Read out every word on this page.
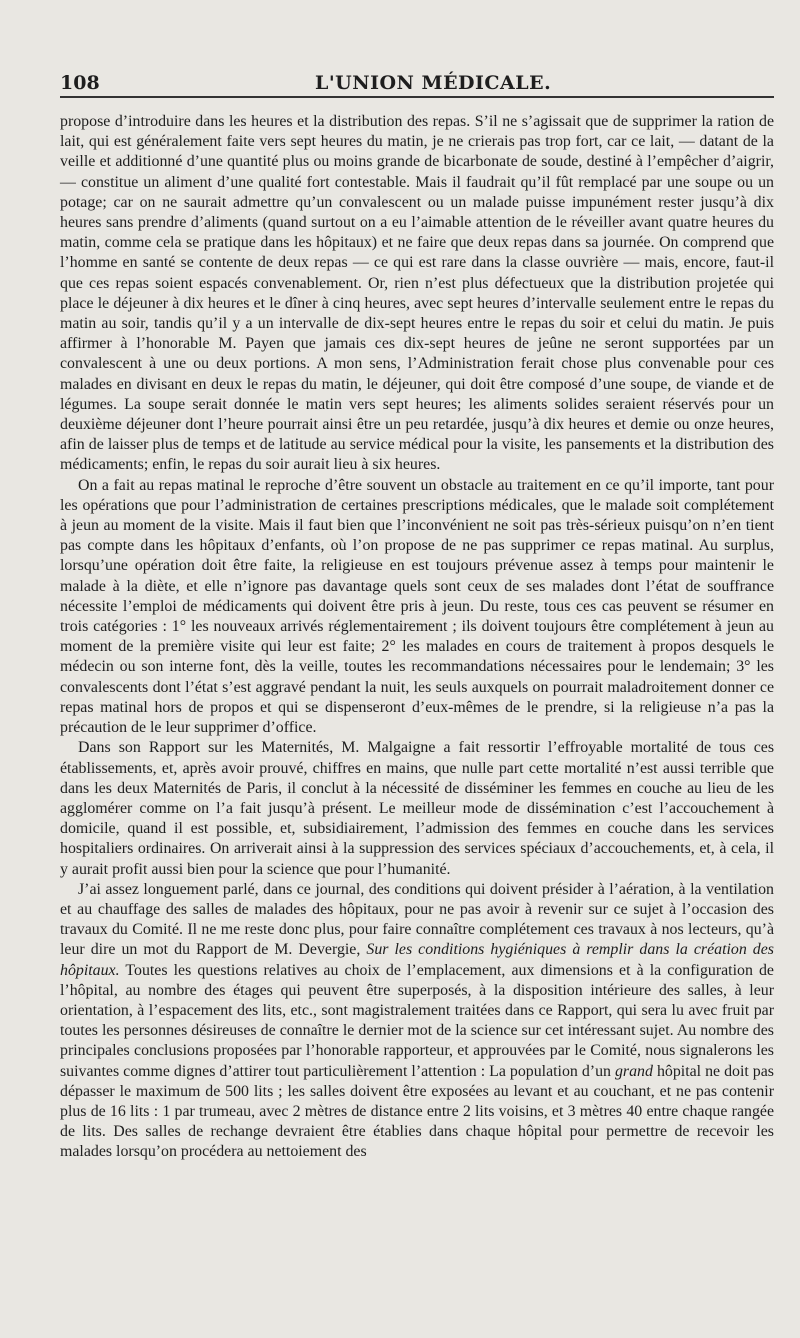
108	L'UNION MÉDICALE.

propose d’introduire dans les heures et la distribution des repas. S’il ne s’agissait que de supprimer la ration de lait, qui est généralement faite vers sept heures du matin, je ne crierais pas trop fort, car ce lait, — datant de la veille et additionné d’une quantité plus ou moins grande de bicarbonate de soude, destiné à l’empêcher d’aigrir, — constitue un aliment d’une qualité fort contestable. Mais il faudrait qu’il fût remplacé par une soupe ou un potage; car on ne saurait admettre qu’un convalescent ou un malade puisse impunément rester jusqu’à dix heures sans prendre d’aliments (quand surtout on a eu l’aimable attention de le réveiller avant quatre heures du matin, comme cela se pratique dans les hôpitaux) et ne faire que deux repas dans sa journée. On comprend que l’homme en santé se contente de deux repas — ce qui est rare dans la classe ouvrière — mais, encore, faut-il que ces repas soient espacés convenablement. Or, rien n’est plus défectueux que la distribution projetée qui place le déjeuner à dix heures et le dîner à cinq heures, avec sept heures d’intervalle seulement entre le repas du matin au soir, tandis qu’il y a un intervalle de dix-sept heures entre le repas du soir et celui du matin. Je puis affirmer à l’honorable M. Payen que jamais ces dix-sept heures de jeûne ne seront supportées par un convalescent à une ou deux portions. A mon sens, l’Administration ferait chose plus convenable pour ces malades en divisant en deux le repas du matin, le déjeuner, qui doit être composé d’une soupe, de viande et de légumes. La soupe serait donnée le matin vers sept heures; les aliments solides seraient réservés pour un deuxième déjeuner dont l’heure pourrait ainsi être un peu retardée, jusqu’à dix heures et demie ou onze heures, afin de laisser plus de temps et de latitude au service médical pour la visite, les pansements et la distribution des médicaments; enfin, le repas du soir aurait lieu à six heures.

On a fait au repas matinal le reproche d’être souvent un obstacle au traitement en ce qu’il importe, tant pour les opérations que pour l’administration de certaines prescriptions médicales, que le malade soit complétement à jeun au moment de la visite. Mais il faut bien que l’inconvénient ne soit pas très-sérieux puisqu’on n’en tient pas compte dans les hôpitaux d’enfants, où l’on propose de ne pas supprimer ce repas matinal. Au surplus, lorsqu’une opération doit être faite, la religieuse en est toujours prévenue assez à temps pour maintenir le malade à la diète, et elle n’ignore pas davantage quels sont ceux de ses malades dont l’état de souffrance nécessite l’emploi de médicaments qui doivent être pris à jeun. Du reste, tous ces cas peuvent se résumer en trois catégories : 1° les nouveaux arrivés réglementairement ; ils doivent toujours être complétement à jeun au moment de la première visite qui leur est faite; 2° les malades en cours de traitement à propos desquels le médecin ou son interne font, dès la veille, toutes les recommandations nécessaires pour le lendemain; 3° les convalescents dont l’état s’est aggravé pendant la nuit, les seuls auxquels on pourrait maladroitement donner ce repas matinal hors de propos et qui se dispenseront d’eux-mêmes de le prendre, si la religieuse n’a pas la précaution de le leur supprimer d’office.

Dans son Rapport sur les Maternités, M. Malgaigne a fait ressortir l’effroyable mortalité de tous ces établissements, et, après avoir prouvé, chiffres en mains, que nulle part cette mortalité n’est aussi terrible que dans les deux Maternités de Paris, il conclut à la nécessité de disséminer les femmes en couche au lieu de les agglomérer comme on l’a fait jusqu’à présent. Le meilleur mode de dissémination c’est l’accouchement à domicile, quand il est possible, et, subsidiairement, l’admission des femmes en couche dans les services hospitaliers ordinaires. On arriverait ainsi à la suppression des services spéciaux d’accouchements, et, à cela, il y aurait profit aussi bien pour la science que pour l’humanité.

J’ai assez longuement parlé, dans ce journal, des conditions qui doivent présider à l’aération, à la ventilation et au chauffage des salles de malades des hôpitaux, pour ne pas avoir à revenir sur ce sujet à l’occasion des travaux du Comité. Il ne me reste donc plus, pour faire connaître complétement ces travaux à nos lecteurs, qu’à leur dire un mot du Rapport de M. Devergie, Sur les conditions hygiéniques à remplir dans la création des hôpitaux. Toutes les questions relatives au choix de l’emplacement, aux dimensions et à la configuration de l’hôpital, au nombre des étages qui peuvent être superposés, à la disposition intérieure des salles, à leur orientation, à l’espacement des lits, etc., sont magistralement traitées dans ce Rapport, qui sera lu avec fruit par toutes les personnes désireuses de connaître le dernier mot de la science sur cet intéressant sujet. Au nombre des principales conclusions proposées par l’honorable rapporteur, et approuvées par le Comité, nous signalerons les suivantes comme dignes d’attirer tout particulièrement l’attention : La population d’un grand hôpital ne doit pas dépasser le maximum de 500 lits ; les salles doivent être exposées au levant et au couchant, et ne pas contenir plus de 16 lits : 1 par trumeau, avec 2 mètres de distance entre 2 lits voisins, et 3 mètres 40 entre chaque rangée de lits. Des salles de rechange devraient être établies dans chaque hôpital pour permettre de recevoir les malades lorsqu’on procédera au nettoiement des
